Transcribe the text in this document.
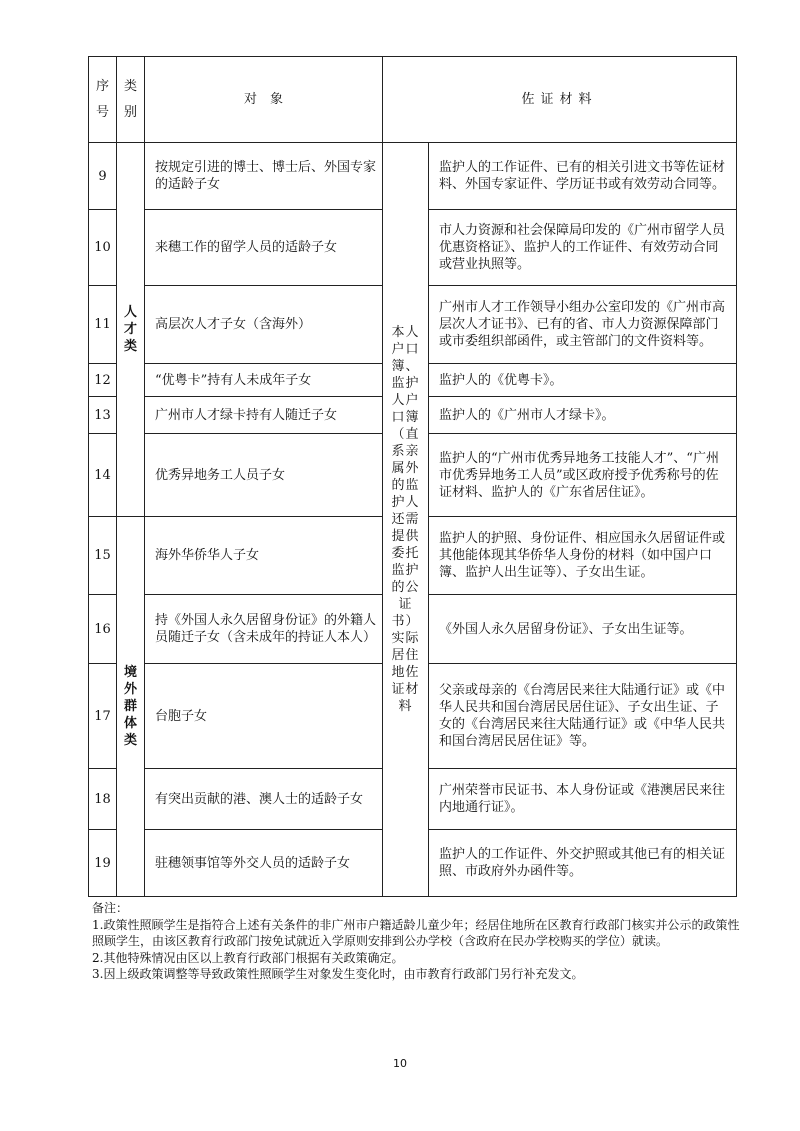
序号	类别	对　象	佐证材料	
9	人才类	按规定引进的博士、博士后、外国专家的适龄子女	本人户口簿、监护人户口簿（直系亲属外的监护人还需提供委托监护的公证书）实际居住地佐证材料	监护人的工作证件、已有的相关引进文书等佐证材料、外国专家证件、学历证书或有效劳动合同等。
10		来穗工作的留学人员的适龄子女		市人力资源和社会保障局印发的《广州市留学人员优惠资格证》、监护人的工作证件、有效劳动合同或营业执照等。
11		高层次人才子女（含海外）		广州市人才工作领导小组办公室印发的《广州市高层次人才证书》、已有的省、市人力资源保障部门或市委组织部函件，或主管部门的文件资料等。
12		“优粤卡”持有人未成年子女		监护人的《优粤卡》。
13		广州市人才绿卡持有人随迁子女		监护人的《广州市人才绿卡》。
14		优秀异地务工人员子女		监护人的“广州市优秀异地务工技能人才”、“广州市优秀异地务工人员”或区政府授予优秀称号的佐证材料、监护人的《广东省居住证》。
15	境外群体类	海外华侨华人子女		监护人的护照、身份证件、相应国永久居留证件或其他能体现其华侨华人身份的材料（如中国户口簿、监护人出生证等）、子女出生证。
16		持《外国人永久居留身份证》的外籍人员随迁子女（含未成年的持证人本人）		《外国人永久居留身份证》、子女出生证等。
17		台胞子女		父亲或母亲的《台湾居民来往大陆通行证》或《中华人民共和国台湾居民居住证》、子女出生证、子女的《台湾居民来往大陆通行证》或《中华人民共和国台湾居民居住证》等。
18		有突出贡献的港、澳人士的适龄子女		广州荣誉市民证书、本人身份证或《港澳居民来往内地通行证》。
19		驻穗领事馆等外交人员的适龄子女		监护人的工作证件、外交护照或其他已有的相关证照、市政府外办函件等。

备注：

1.政策性照顾学生是指符合上述有关条件的非广州市户籍适龄儿童少年；经居住地所在区教育行政部门核实并公示的政策性照顾学生，由该区教育行政部门按免试就近入学原则安排到公办学校（含政府在民办学校购买的学位）就读。

2.其他特殊情况由区以上教育行政部门根据有关政策确定。

3.因上级政策调整等导致政策性照顾学生对象发生变化时，由市教育行政部门另行补充发文。

10
